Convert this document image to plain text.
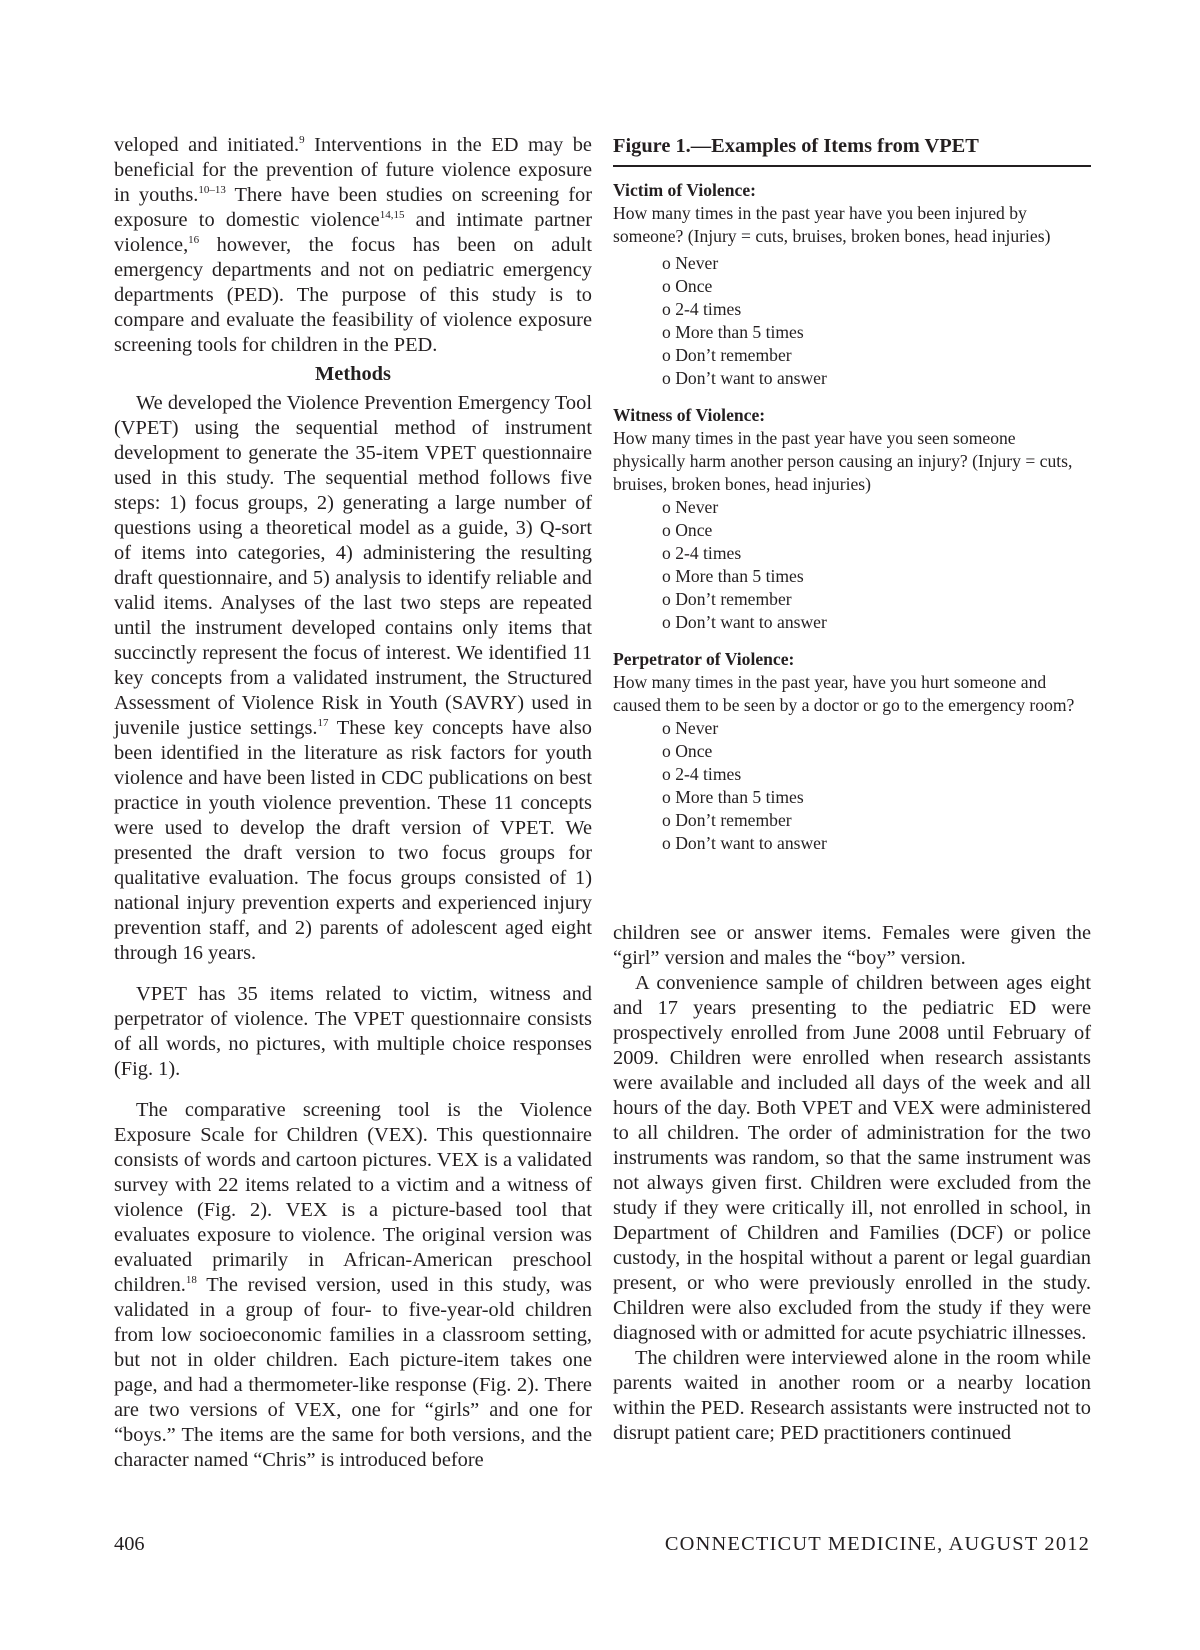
veloped and initiated.$^9$ Interventions in the ED may be beneficial for the prevention of future violence exposure in youths.$^{10-13}$ There have been studies on screening for exposure to domestic violence$^{14,15}$ and intimate partner violence,$^{16}$ however, the focus has been on adult emergency departments and not on pediatric emergency departments (PED). The purpose of this study is to compare and evaluate the feasibility of violence exposure screening tools for children in the PED.

Methods

We developed the Violence Prevention Emergency Tool (VPET) using the sequential method of instrument development to generate the 35-item VPET questionnaire used in this study. The sequential method follows five steps: 1) focus groups, 2) generating a large number of questions using a theoretical model as a guide, 3) Q-sort of items into categories, 4) administering the resulting draft questionnaire, and 5) analysis to identify reliable and valid items. Analyses of the last two steps are repeated until the instrument developed contains only items that succinctly represent the focus of interest. We identified 11 key concepts from a validated instrument, the Structured Assessment of Violence Risk in Youth (SAVRY) used in juvenile justice settings.$^{17}$ These key concepts have also been identified in the literature as risk factors for youth violence and have been listed in CDC publications on best practice in youth violence prevention. These 11 concepts were used to develop the draft version of VPET. We presented the draft version to two focus groups for qualitative evaluation. The focus groups consisted of 1) national injury prevention experts and experienced injury prevention staff, and 2) parents of adolescent aged eight through 16 years.

VPET has 35 items related to victim, witness and perpetrator of violence. The VPET questionnaire consists of all words, no pictures, with multiple choice responses (Fig. 1).

The comparative screening tool is the Violence Exposure Scale for Children (VEX). This questionnaire consists of words and cartoon pictures. VEX is a validated survey with 22 items related to a victim and a witness of violence (Fig. 2). VEX is a picture-based tool that evaluates exposure to violence. The original version was evaluated primarily in African-American preschool children.$^{18}$ The revised version, used in this study, was validated in a group of four- to five-year-old children from low socioeconomic families in a classroom setting, but not in older children. Each picture-item takes one page, and had a thermometer-like response (Fig. 2). There are two versions of VEX, one for “girls” and one for “boys.” The items are the same for both versions, and the character named “Chris” is introduced before

Figure 1.—Examples of Items from VPET
Victim of Violence:

How many times in the past year have you been injured by someone? (Injury = cuts, bruises, broken bones, head injuries)

o Never
o Once
o 2-4 times
o More than 5 times
o Don’t remember
o Don’t want to answer
Witness of Violence:

How many times in the past year have you seen someone physically harm another person causing an injury? (Injury = cuts, bruises, broken bones, head injuries)

o Never
o Once
o 2-4 times
o More than 5 times
o Don’t remember
o Don’t want to answer
Perpetrator of Violence:

How many times in the past year, have you hurt someone and caused them to be seen by a doctor or go to the emergency room?

o Never
o Once
o 2-4 times
o More than 5 times
o Don’t remember
o Don’t want to answer

children see or answer items. Females were given the “girl” version and males the “boy” version.

A convenience sample of children between ages eight and 17 years presenting to the pediatric ED were prospectively enrolled from June 2008 until February of 2009. Children were enrolled when research assistants were available and included all days of the week and all hours of the day. Both VPET and VEX were administered to all children. The order of administration for the two instruments was random, so that the same instrument was not always given first. Children were excluded from the study if they were critically ill, not enrolled in school, in Department of Children and Families (DCF) or police custody, in the hospital without a parent or legal guardian present, or who were previously enrolled in the study. Children were also excluded from the study if they were diagnosed with or admitted for acute psychiatric illnesses.

The children were interviewed alone in the room while parents waited in another room or a nearby location within the PED. Research assistants were instructed not to disrupt patient care; PED practitioners continued

406	CONNECTICUT MEDICINE, AUGUST 2012
